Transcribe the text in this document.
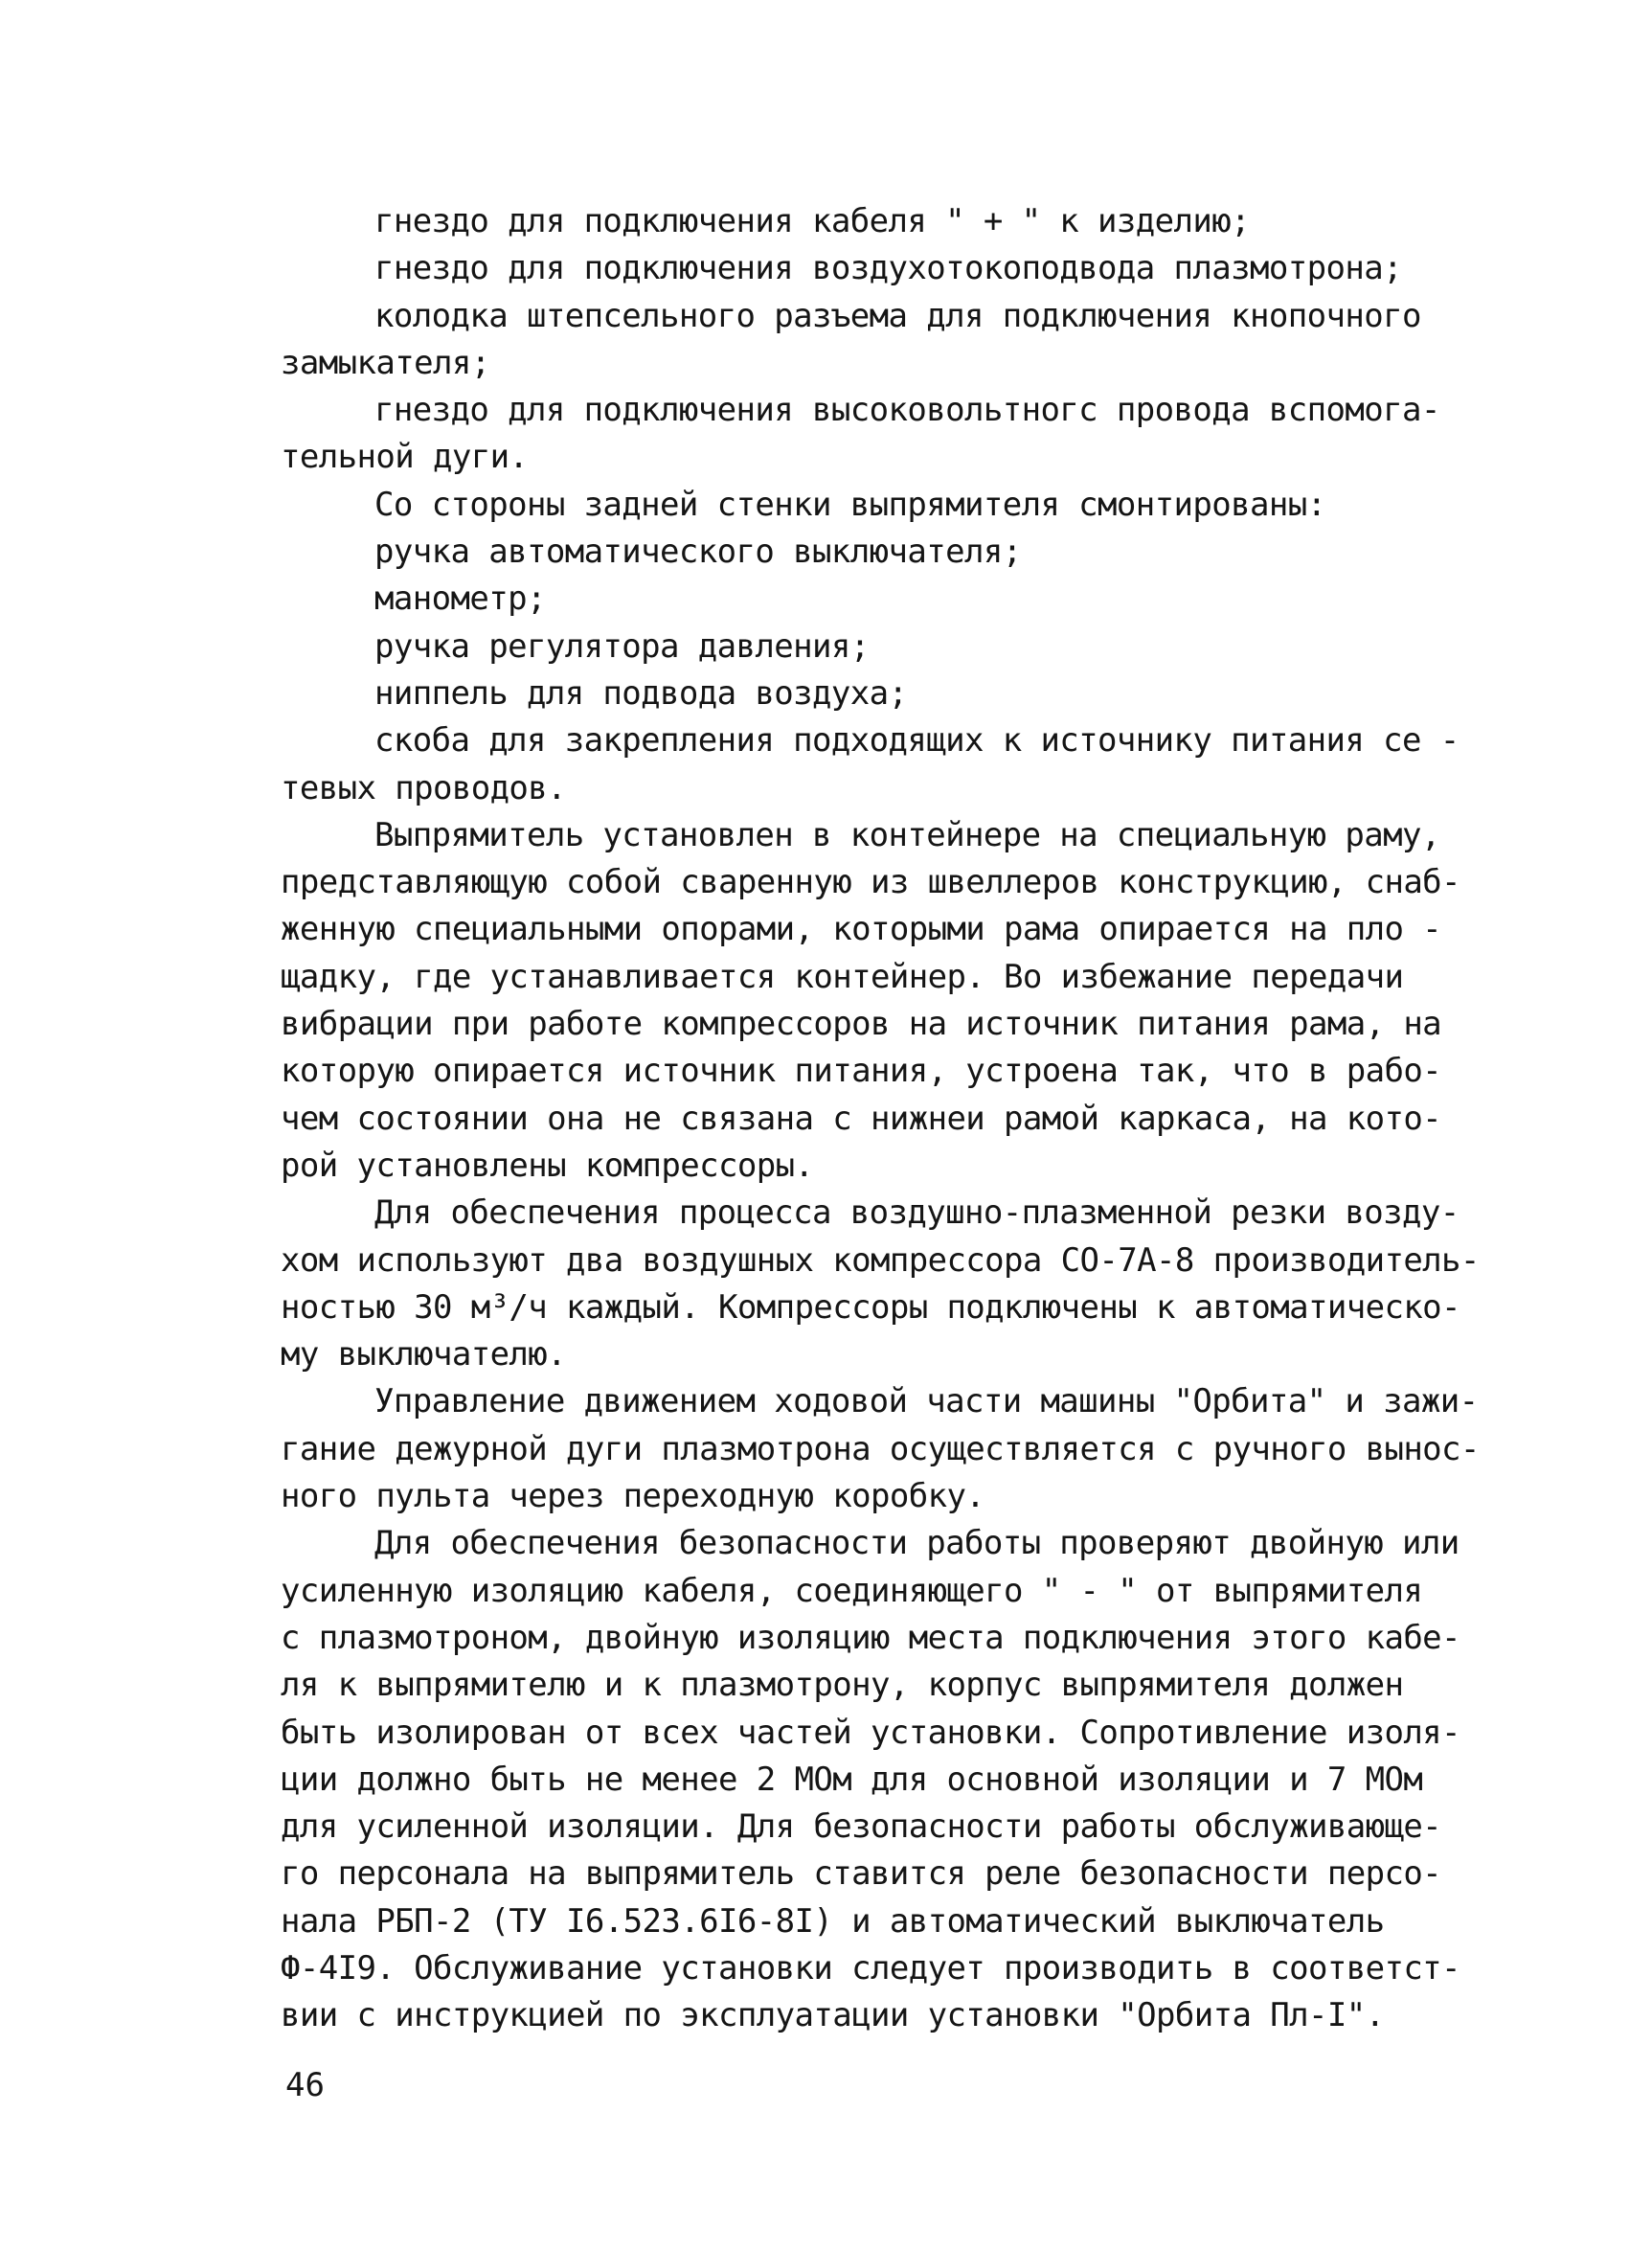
гнездо для подключения кабеля " + " к изделию;
гнездо для подключения воздухотокоподвода плазмотрона;
колодка штепсельного разъема для подключения кнопочного
замыкателя;
гнездо для подключения высоковольтногс провода вспомога-
тельной дуги.
Со стороны задней стенки выпрямителя смонтированы:
ручка автоматического выключателя;
манометр;
ручка регулятора давления;
ниппель для подвода воздуха;
скоба для закрепления подходящих к источнику питания се -
тевых проводов.
Выпрямитель установлен в контейнере на специальную раму,
представляющую собой сваренную из швеллеров конструкцию, снаб-
женную специальными опорами, которыми рама опирается на пло -
щадку, где устанавливается контейнер. Во избежание передачи
вибрации при работе компрессоров на источник питания рама, на
которую опирается источник питания, устроена так, что в рабо-
чем состоянии она не связана с нижнеи рамой каркаса, на кото-
рой установлены компрессоры.
Для обеспечения процесса воздушно-плазменной резки возду-
хом используют два воздушных компрессора СО-7А-8 производитель-
ностью 30 м³/ч каждый. Компрессоры подключены к автоматическо-
му выключателю.
Управление движением ходовой части машины "Орбита" и зажи-
гание дежурной дуги плазмотрона осуществляется с ручного вынос-
ного пульта через переходную коробку.
Для обеспечения безопасности работы проверяют двойную или
усиленную изоляцию кабеля, соединяющего " - " от выпрямителя
с плазмотроном, двойную изоляцию места подключения этого кабе-
ля к выпрямителю и к плазмотрону, корпус выпрямителя должен
быть изолирован от всех частей установки. Сопротивление изоля-
ции должно быть не менее 2 МОм для основной изоляции и 7 МОм
для усиленной изоляции. Для безопасности работы обслуживающе-
го персонала на выпрямитель ставится реле безопасности персо-
нала РБП-2 (ТУ I6.523.6I6-8I) и автоматический выключатель
Ф-4I9. Обслуживание установки следует производить в соответст-
вии с инструкцией по эксплуатации установки "Орбита Пл-I".
46
